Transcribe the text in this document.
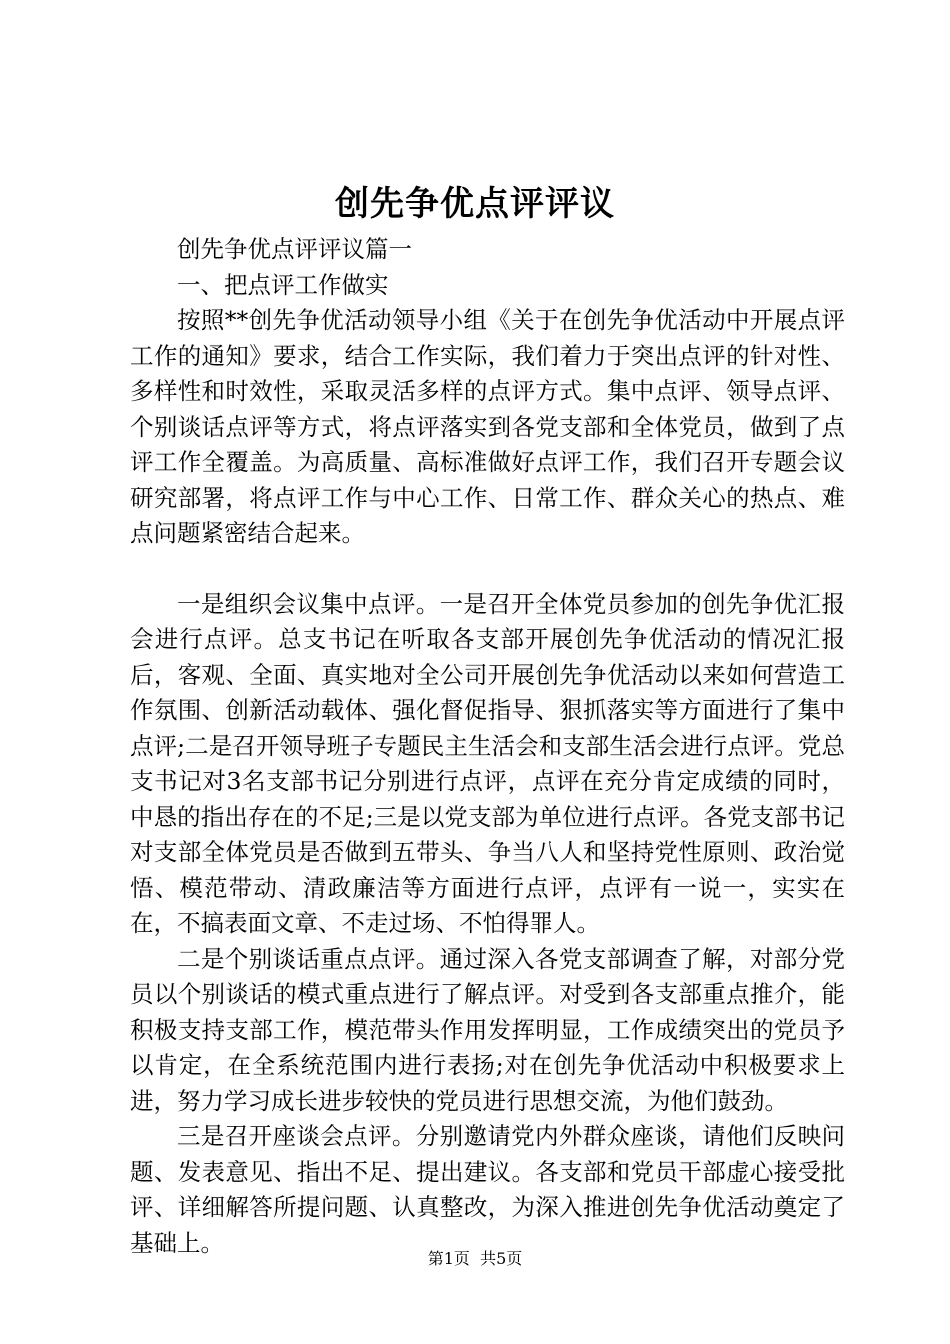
创先争优点评评议

创先争优点评评议篇一

一、把点评工作做实

按照**创先争优活动领导小组《关于在创先争优活动中开展点评工作的通知》要求，结合工作实际，我们着力于突出点评的针对性、多样性和时效性，采取灵活多样的点评方式。集中点评、领导点评、个别谈话点评等方式，将点评落实到各党支部和全体党员，做到了点评工作全覆盖。为高质量、高标准做好点评工作，我们召开专题会议研究部署，将点评工作与中心工作、日常工作、群众关心的热点、难点问题紧密结合起来。

一是组织会议集中点评。一是召开全体党员参加的创先争优汇报会进行点评。总支书记在听取各支部开展创先争优活动的情况汇报后，客观、全面、真实地对全公司开展创先争优活动以来如何营造工作氛围、创新活动载体、强化督促指导、狠抓落实等方面进行了集中点评;二是召开领导班子专题民主生活会和支部生活会进行点评。党总支书记对3名支部书记分别进行点评，点评在充分肯定成绩的同时，中恳的指出存在的不足;三是以党支部为单位进行点评。各党支部书记对支部全体党员是否做到五带头、争当八人和坚持党性原则、政治觉悟、模范带动、清政廉洁等方面进行点评，点评有一说一，实实在在，不搞表面文章、不走过场、不怕得罪人。

二是个别谈话重点点评。通过深入各党支部调查了解，对部分党员以个别谈话的模式重点进行了解点评。对受到各支部重点推介，能积极支持支部工作，模范带头作用发挥明显，工作成绩突出的党员予以肯定，在全系统范围内进行表扬;对在创先争优活动中积极要求上进，努力学习成长进步较快的党员进行思想交流，为他们鼓劲。

三是召开座谈会点评。分别邀请党内外群众座谈，请他们反映问题、发表意见、指出不足、提出建议。各支部和党员干部虚心接受批评、详细解答所提问题、认真整改，为深入推进创先争优活动奠定了基础上。

第1页 共5页
